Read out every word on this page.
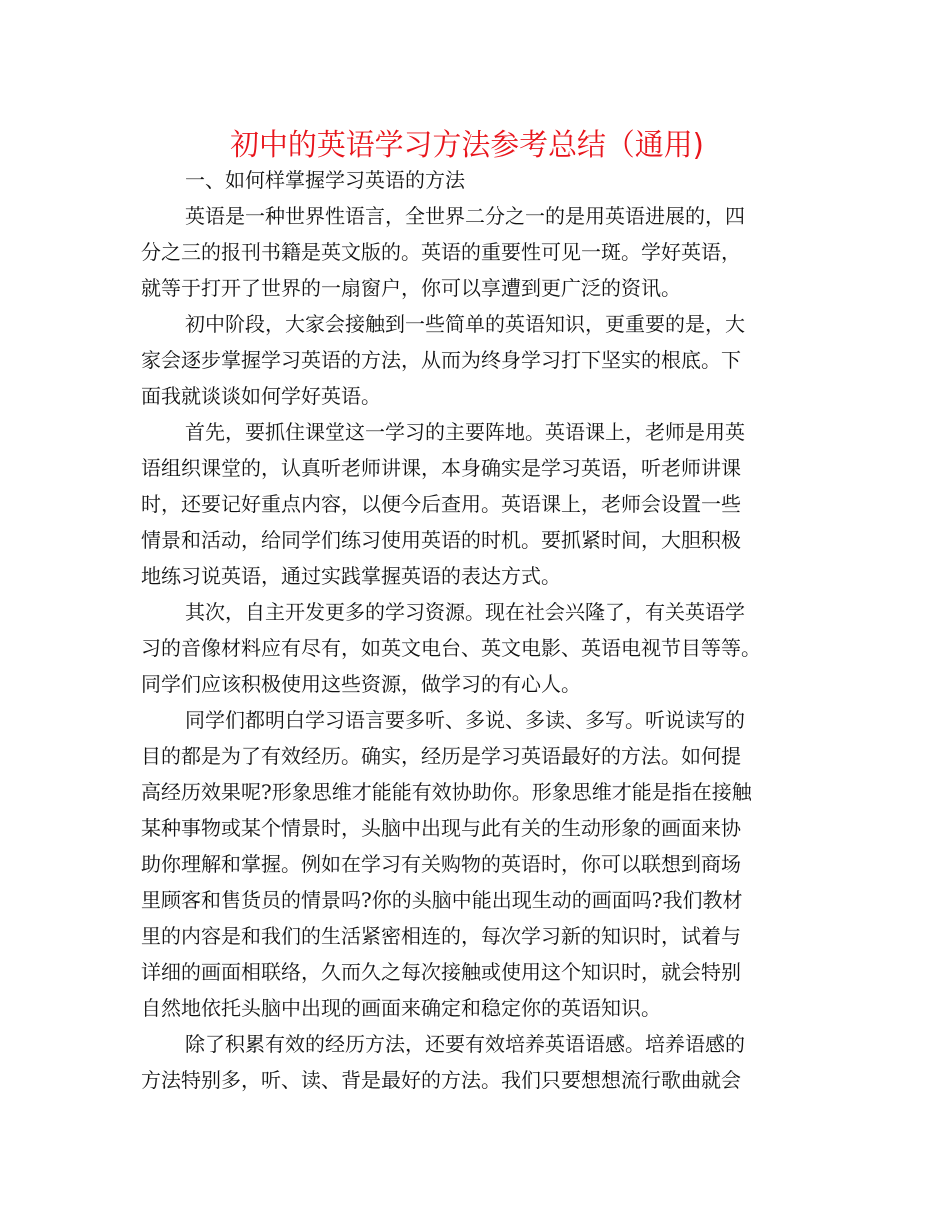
初中的英语学习方法参考总结（通用)

一、如何样掌握学习英语的方法

英语是一种世界性语言，全世界二分之一的是用英语进展的，四

分之三的报刊书籍是英文版的。英语的重要性可见一斑。学好英语，

就等于打开了世界的一扇窗户，你可以享遭到更广泛的资讯。

初中阶段，大家会接触到一些简单的英语知识，更重要的是，大

家会逐步掌握学习英语的方法，从而为终身学习打下坚实的根底。下

面我就谈谈如何学好英语。

首先，要抓住课堂这一学习的主要阵地。英语课上，老师是用英

语组织课堂的，认真听老师讲课，本身确实是学习英语，听老师讲课

时，还要记好重点内容，以便今后查用。英语课上，老师会设置一些

情景和活动，给同学们练习使用英语的时机。要抓紧时间，大胆积极

地练习说英语，通过实践掌握英语的表达方式。

其次，自主开发更多的学习资源。现在社会兴隆了，有关英语学

习的音像材料应有尽有，如英文电台、英文电影、英语电视节目等等。

同学们应该积极使用这些资源，做学习的有心人。

同学们都明白学习语言要多听、多说、多读、多写。听说读写的

目的都是为了有效经历。确实，经历是学习英语最好的方法。如何提

高经历效果呢?形象思维才能能有效协助你。形象思维才能是指在接触

某种事物或某个情景时，头脑中出现与此有关的生动形象的画面来协

助你理解和掌握。例如在学习有关购物的英语时，你可以联想到商场

里顾客和售货员的情景吗?你的头脑中能出现生动的画面吗?我们教材

里的内容是和我们的生活紧密相连的，每次学习新的知识时，试着与

详细的画面相联络，久而久之每次接触或使用这个知识时，就会特别

自然地依托头脑中出现的画面来确定和稳定你的英语知识。

除了积累有效的经历方法，还要有效培养英语语感。培养语感的

方法特别多，听、读、背是最好的方法。我们只要想想流行歌曲就会
